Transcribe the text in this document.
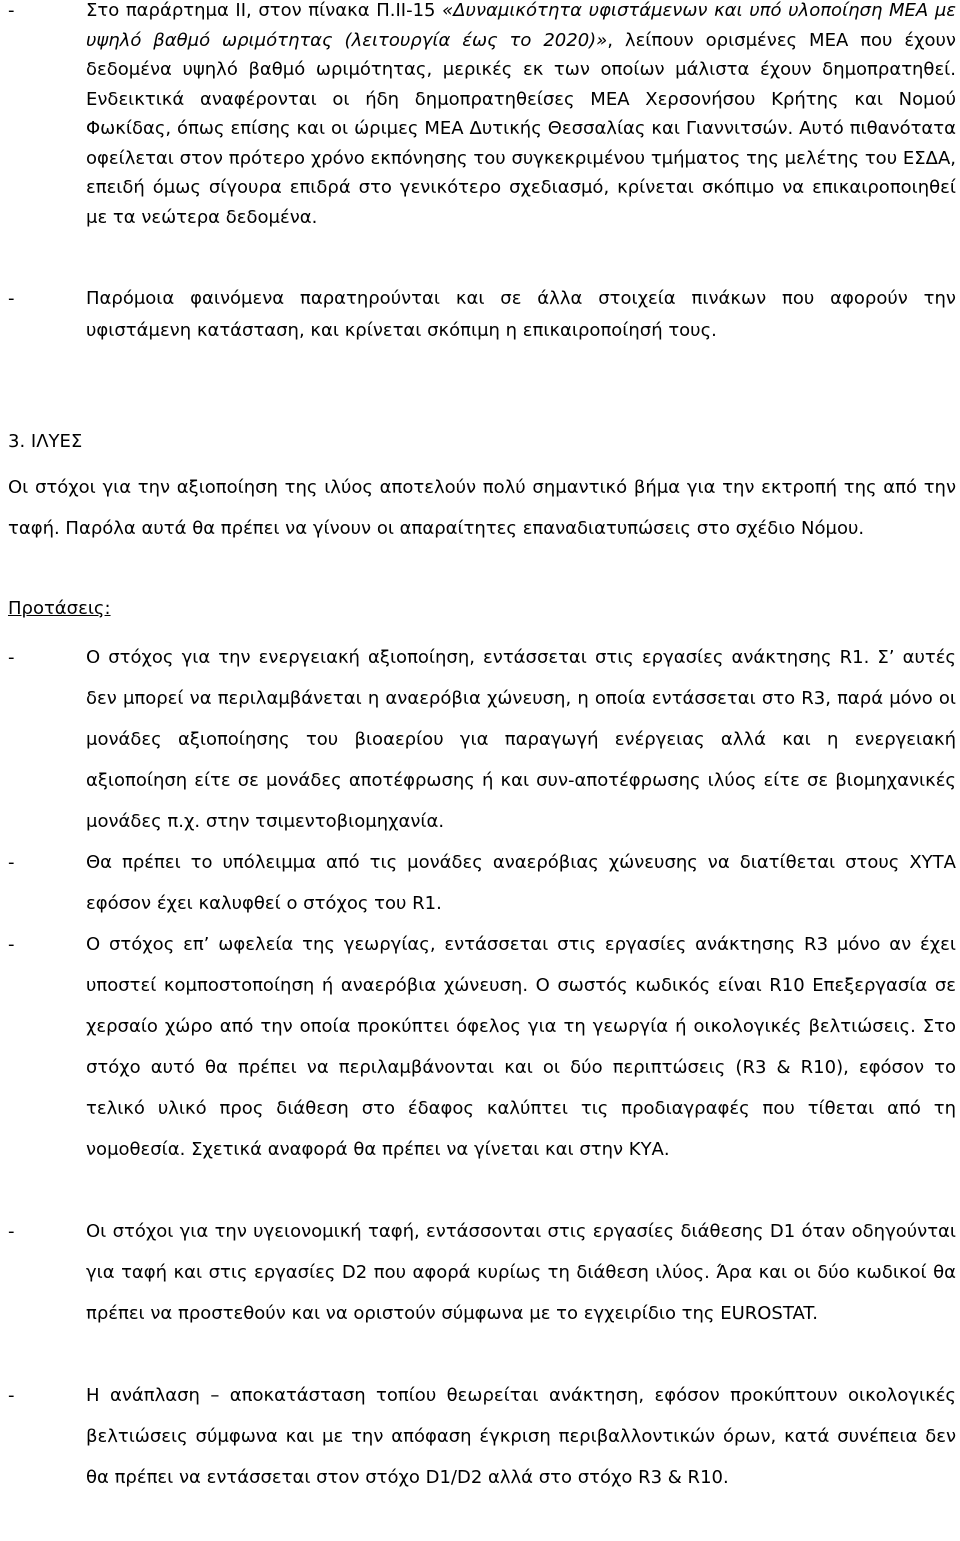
-	Στο παράρτημα ΙΙ, στον πίνακα Π.ΙΙ-15 «Δυναμικότητα υφιστάμενων και υπό υλοποίηση ΜΕΑ με υψηλό βαθμό ωριμότητας (λειτουργία έως το 2020)», λείπουν ορισμένες ΜΕΑ που έχουν δεδομένα υψηλό βαθμό ωριμότητας, μερικές εκ των οποίων μάλιστα έχουν δημοπρατηθεί. Ενδεικτικά αναφέρονται οι ήδη δημοπρατηθείσες ΜΕΑ Χερσονήσου Κρήτης και Νομού Φωκίδας, όπως επίσης και οι ώριμες ΜΕΑ Δυτικής Θεσσαλίας και Γιαννιτσών. Αυτό πιθανότατα οφείλεται στον πρότερο χρόνο εκπόνησης του συγκεκριμένου τμήματος της μελέτης του ΕΣΔΑ, επειδή όμως σίγουρα επιδρά στο γενικότερο σχεδιασμό, κρίνεται σκόπιμο να επικαιροποιηθεί με τα νεώτερα δεδομένα.
-	Παρόμοια φαινόμενα παρατηρούνται και σε άλλα στοιχεία πινάκων που αφορούν την υφιστάμενη κατάσταση, και κρίνεται σκόπιμη η επικαιροποίησή τους.
3. ΙΛΥΕΣ
Οι στόχοι για την αξιοποίηση της ιλύος αποτελούν πολύ σημαντικό βήμα για την εκτροπή της από την ταφή. Παρόλα αυτά θα πρέπει να γίνουν οι απαραίτητες επαναδιατυπώσεις στο σχέδιο Νόμου.
Προτάσεις:
-	Ο στόχος για την ενεργειακή αξιοποίηση, εντάσσεται στις εργασίες ανάκτησης R1. Σ’ αυτές δεν μπορεί να περιλαμβάνεται η αναερόβια χώνευση, η οποία εντάσσεται στο R3, παρά μόνο οι μονάδες αξιοποίησης του βιοαερίου για παραγωγή ενέργειας αλλά και η ενεργειακή αξιοποίηση είτε σε μονάδες αποτέφρωσης ή και συν-αποτέφρωσης ιλύος είτε σε βιομηχανικές μονάδες π.χ. στην τσιμεντοβιομηχανία.
-	Θα πρέπει το υπόλειμμα από τις μονάδες αναερόβιας χώνευσης να διατίθεται στους ΧΥΤΑ εφόσον έχει καλυφθεί ο στόχος του R1.
-	Ο στόχος επ’ ωφελεία της γεωργίας, εντάσσεται στις εργασίες ανάκτησης R3 μόνο αν έχει υποστεί κομποστοποίηση ή αναερόβια χώνευση. Ο σωστός κωδικός είναι R10 Επεξεργασία σε χερσαίο χώρο από την οποία προκύπτει όφελος για τη γεωργία ή οικολογικές βελτιώσεις. Στο στόχο αυτό θα πρέπει να περιλαμβάνονται και οι δύο περιπτώσεις (R3 & R10), εφόσον το τελικό υλικό προς διάθεση στο έδαφος καλύπτει τις προδιαγραφές που τίθεται από τη νομοθεσία. Σχετικά αναφορά θα πρέπει να γίνεται και στην ΚΥΑ.
-	Οι στόχοι για την υγειονομική ταφή, εντάσσονται στις εργασίες διάθεσης D1 όταν οδηγούνται για ταφή και στις εργασίες D2 που αφορά κυρίως τη διάθεση ιλύος. Άρα και οι δύο κωδικοί θα πρέπει να προστεθούν και να οριστούν σύμφωνα με το εγχειρίδιο της EUROSTAT.
-	Η ανάπλαση – αποκατάσταση τοπίου θεωρείται ανάκτηση, εφόσον προκύπτουν οικολογικές βελτιώσεις σύμφωνα και με την απόφαση έγκριση περιβαλλοντικών όρων, κατά συνέπεια δεν θα πρέπει να εντάσσεται στον στόχο D1/D2 αλλά στο στόχο R3 & R10.
